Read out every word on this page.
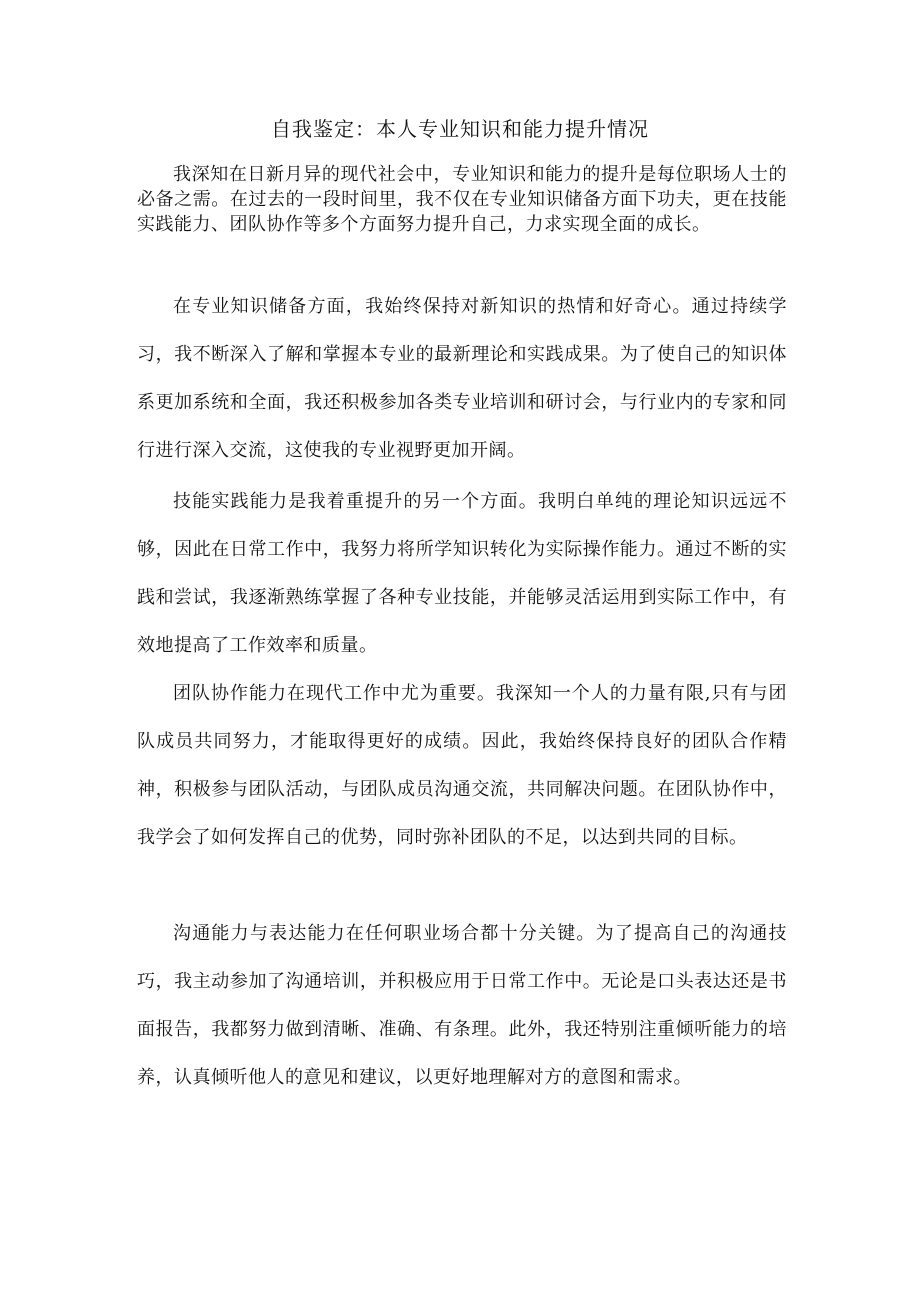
自我鉴定：本人专业知识和能力提升情况

我深知在日新月异的现代社会中，专业知识和能力的提升是每位职场人士的必备之需。在过去的一段时间里，我不仅在专业知识储备方面下功夫，更在技能实践能力、团队协作等多个方面努力提升自己，力求实现全面的成长。

在专业知识储备方面，我始终保持对新知识的热情和好奇心。通过持续学习，我不断深入了解和掌握本专业的最新理论和实践成果。为了使自己的知识体系更加系统和全面，我还积极参加各类专业培训和研讨会，与行业内的专家和同行进行深入交流，这使我的专业视野更加开阔。

技能实践能力是我着重提升的另一个方面。我明白单纯的理论知识远远不够，因此在日常工作中，我努力将所学知识转化为实际操作能力。通过不断的实践和尝试，我逐渐熟练掌握了各种专业技能，并能够灵活运用到实际工作中，有效地提高了工作效率和质量。

团队协作能力在现代工作中尤为重要。我深知一个人的力量有限,只有与团队成员共同努力，才能取得更好的成绩。因此，我始终保持良好的团队合作精神，积极参与团队活动，与团队成员沟通交流，共同解决问题。在团队协作中，我学会了如何发挥自己的优势，同时弥补团队的不足，以达到共同的目标。

沟通能力与表达能力在任何职业场合都十分关键。为了提高自己的沟通技巧，我主动参加了沟通培训，并积极应用于日常工作中。无论是口头表达还是书面报告，我都努力做到清晰、准确、有条理。此外，我还特别注重倾听能力的培养，认真倾听他人的意见和建议，以更好地理解对方的意图和需求。
